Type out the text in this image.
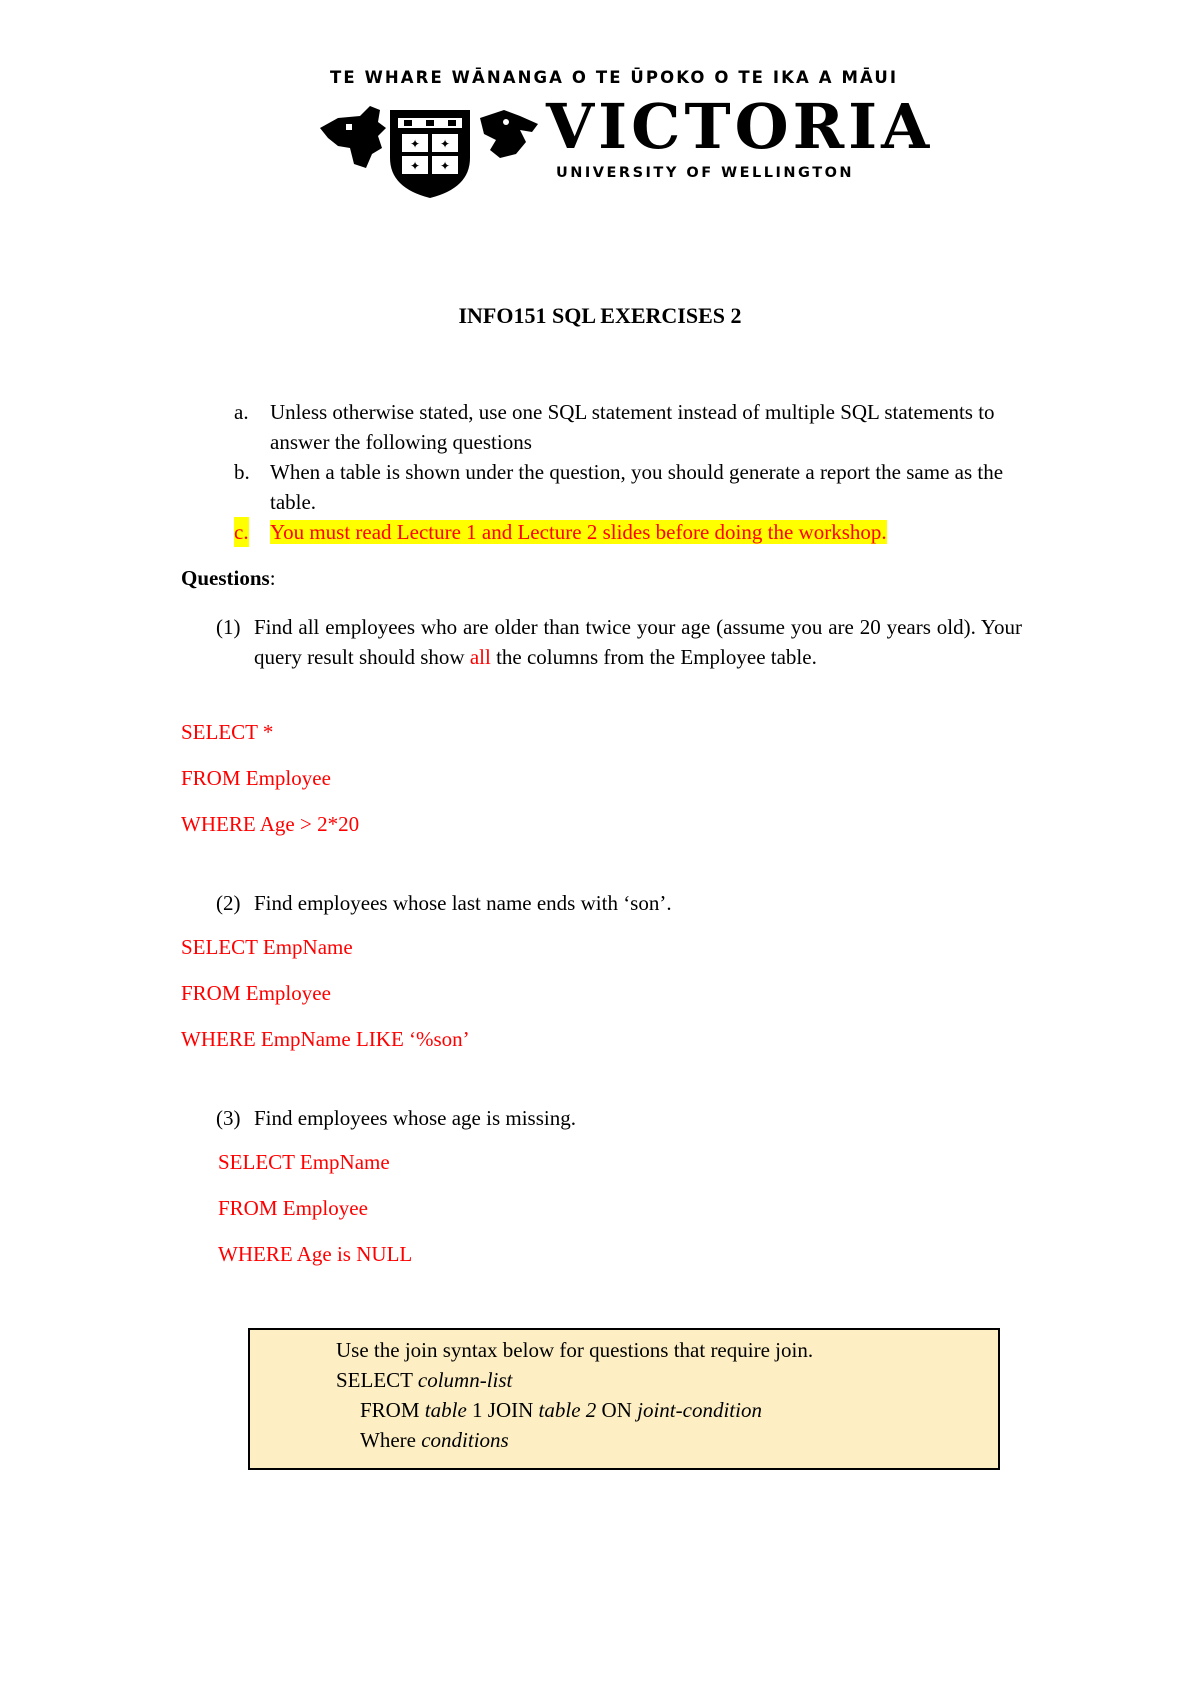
TE WHARE WĀNANGA O TE ŪPOKO O TE IKA A MĀUI
✦ ✦
✦ ✦
VICTORIA
UNIVERSITY OF WELLINGTON
INFO151 SQL EXERCISES 2
a. Unless otherwise stated, use one SQL statement instead of multiple SQL statements to answer the following questions
b. When a table is shown under the question, you should generate a report the same as the table.
c. You must read Lecture 1 and Lecture 2 slides before doing the workshop.
Questions:
(1) Find all employees who are older than twice your age (assume you are 20 years old). Your query result should show all the columns from the Employee table.
SELECT *
FROM Employee
WHERE Age > 2*20
(2) Find employees whose last name ends with ‘son’.
SELECT EmpName
FROM Employee
WHERE EmpName LIKE ‘%son’
(3) Find employees whose age is missing.
SELECT EmpName
FROM Employee
WHERE Age is NULL
Use the join syntax below for questions that require join.
SELECT column-list
FROM table 1 JOIN table 2 ON joint-condition
Where conditions
